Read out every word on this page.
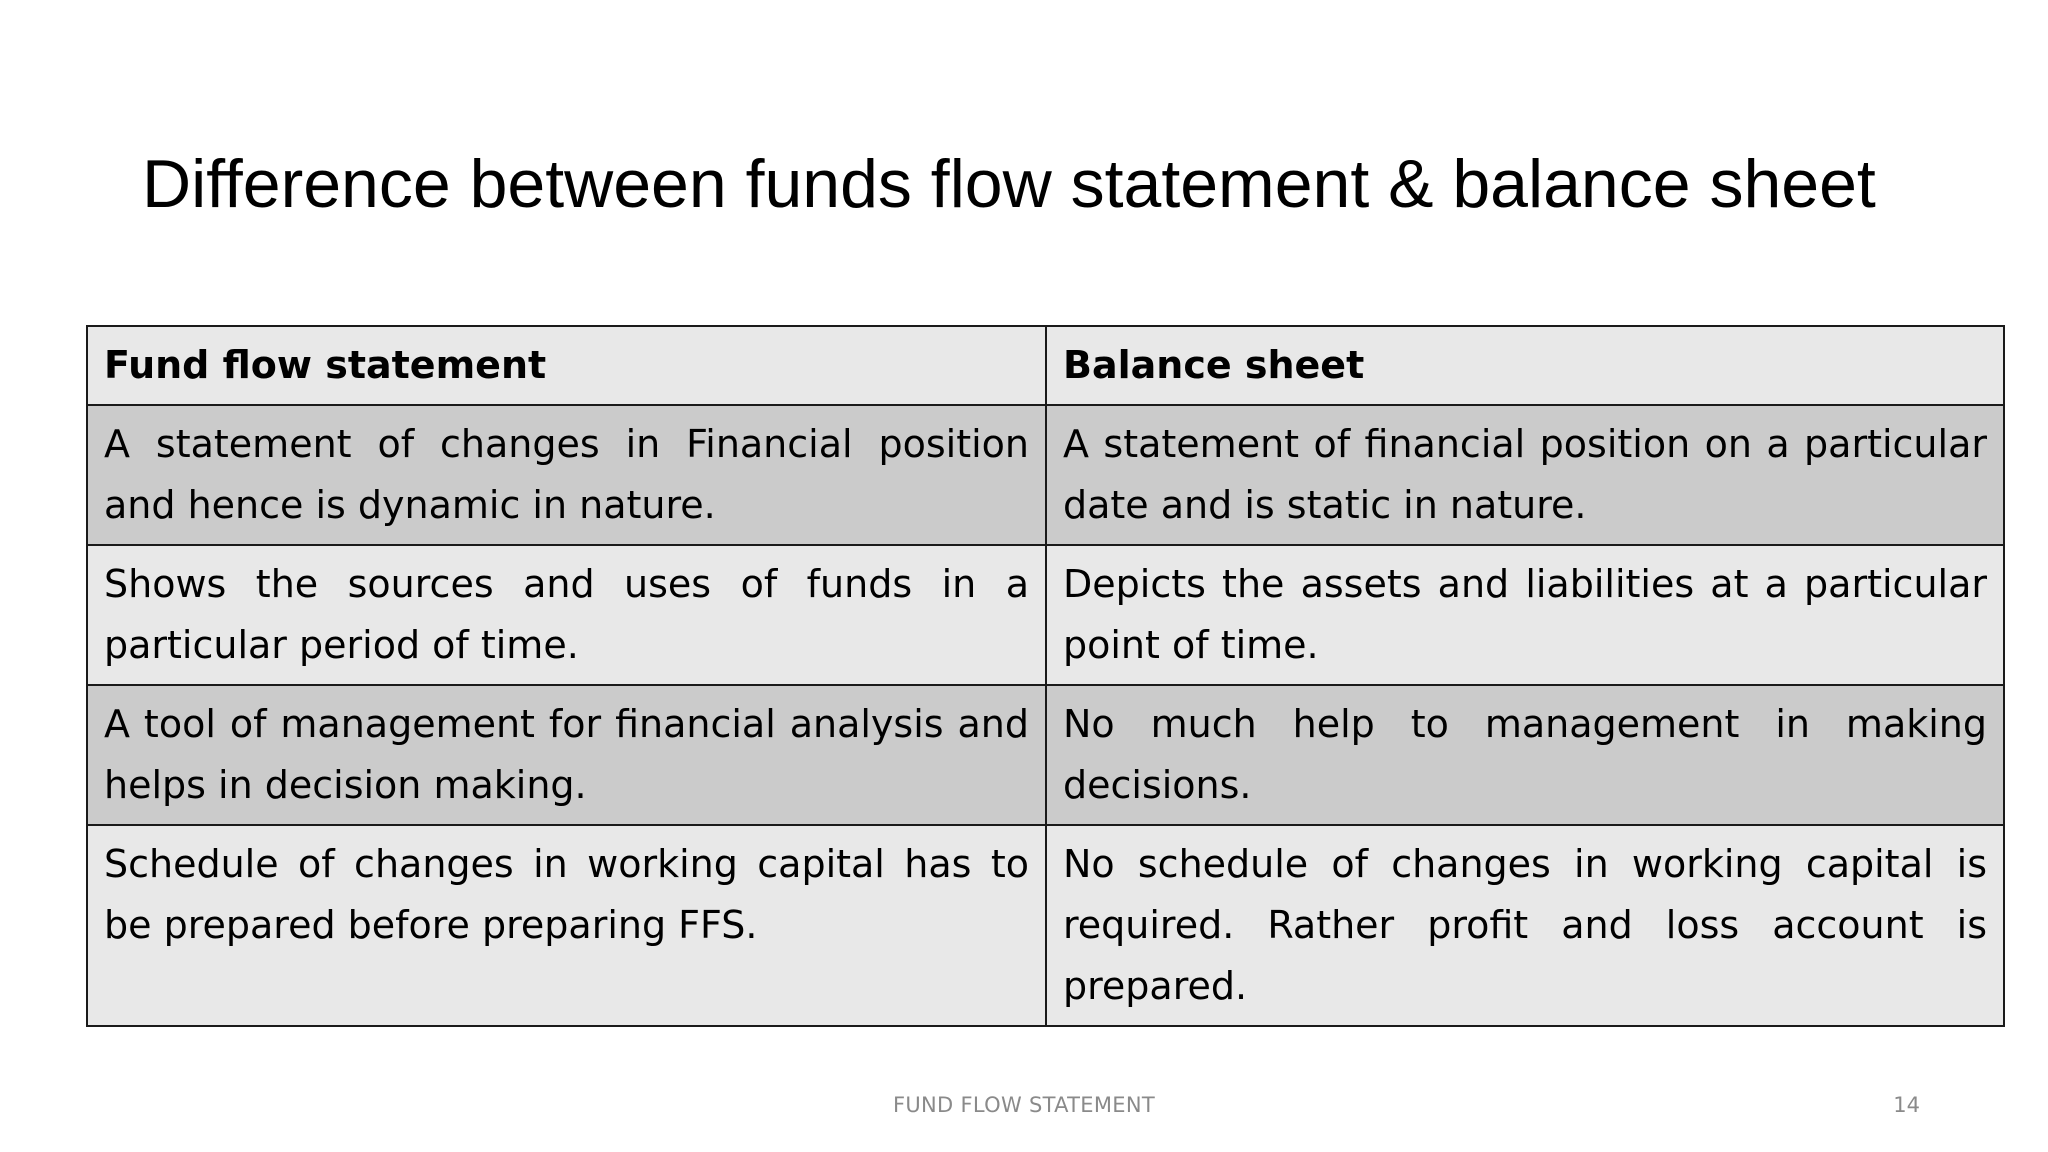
Difference between funds flow statement & balance sheet
Fund flow statement	Balance sheet
A statement of changes in Financial position and hence is dynamic in nature.	A statement of financial position on a particular date and is static in nature.
Shows the sources and uses of funds in a particular period of time.	Depicts the assets and liabilities at a particular point of time.
A tool of management for financial analysis and helps in decision making.	No much help to management in making decisions.
Schedule of changes in working capital has to be prepared before preparing FFS.	No schedule of changes in working capital is required. Rather profit and loss account is prepared.
FUND FLOW STATEMENT	14
